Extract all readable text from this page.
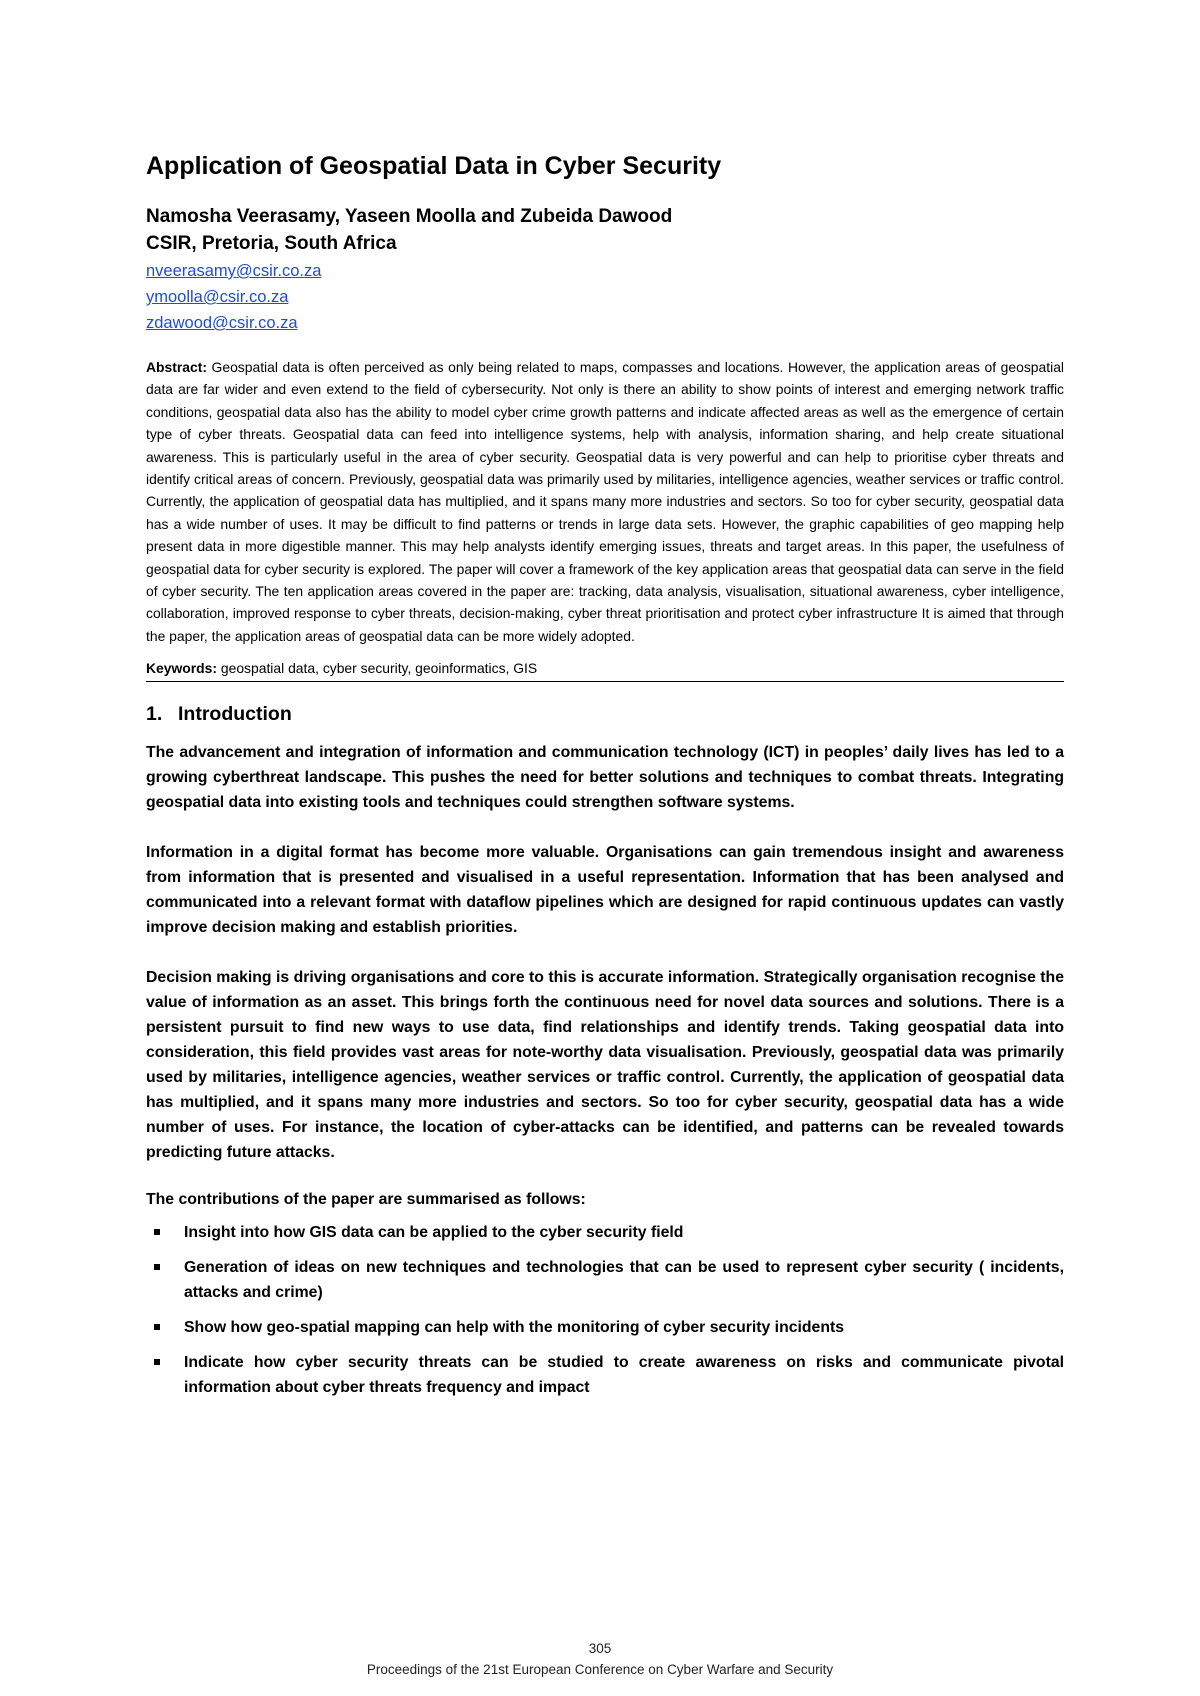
Application of Geospatial Data in Cyber Security
Namosha Veerasamy, Yaseen Moolla and Zubeida Dawood
CSIR, Pretoria, South Africa
nveerasamy@csir.co.za
ymoolla@csir.co.za
zdawood@csir.co.za
Abstract: Geospatial data is often perceived as only being related to maps, compasses and locations. However, the application areas of geospatial data are far wider and even extend to the field of cybersecurity. Not only is there an ability to show points of interest and emerging network traffic conditions, geospatial data also has the ability to model cyber crime growth patterns and indicate affected areas as well as the emergence of certain type of cyber threats. Geospatial data can feed into intelligence systems, help with analysis, information sharing, and help create situational awareness. This is particularly useful in the area of cyber security. Geospatial data is very powerful and can help to prioritise cyber threats and identify critical areas of concern. Previously, geospatial data was primarily used by militaries, intelligence agencies, weather services or traffic control. Currently, the application of geospatial data has multiplied, and it spans many more industries and sectors. So too for cyber security, geospatial data has a wide number of uses. It may be difficult to find patterns or trends in large data sets. However, the graphic capabilities of geo mapping help present data in more digestible manner. This may help analysts identify emerging issues, threats and target areas. In this paper, the usefulness of geospatial data for cyber security is explored. The paper will cover a framework of the key application areas that geospatial data can serve in the field of cyber security. The ten application areas covered in the paper are: tracking, data analysis, visualisation, situational awareness, cyber intelligence, collaboration, improved response to cyber threats, decision-making, cyber threat prioritisation and protect cyber infrastructure It is aimed that through the paper, the application areas of geospatial data can be more widely adopted.
Keywords: geospatial data, cyber security, geoinformatics, GIS
1. Introduction

The advancement and integration of information and communication technology (ICT) in peoples’ daily lives has led to a growing cyberthreat landscape. This pushes the need for better solutions and techniques to combat threats. Integrating geospatial data into existing tools and techniques could strengthen software systems.

Information in a digital format has become more valuable. Organisations can gain tremendous insight and awareness from information that is presented and visualised in a useful representation. Information that has been analysed and communicated into a relevant format with dataflow pipelines which are designed for rapid continuous updates can vastly improve decision making and establish priorities.

Decision making is driving organisations and core to this is accurate information. Strategically organisation recognise the value of information as an asset. This brings forth the continuous need for novel data sources and solutions. There is a persistent pursuit to find new ways to use data, find relationships and identify trends. Taking geospatial data into consideration, this field provides vast areas for note-worthy data visualisation. Previously, geospatial data was primarily used by militaries, intelligence agencies, weather services or traffic control. Currently, the application of geospatial data has multiplied, and it spans many more industries and sectors. So too for cyber security, geospatial data has a wide number of uses. For instance, the location of cyber-attacks can be identified, and patterns can be revealed towards predicting future attacks.

The contributions of the paper are summarised as follows:
Insight into how GIS data can be applied to the cyber security field
Generation of ideas on new techniques and technologies that can be used to represent cyber security ( incidents, attacks and crime)
Show how geo-spatial mapping can help with the monitoring of cyber security incidents
Indicate how cyber security threats can be studied to create awareness on risks and communicate pivotal information about cyber threats frequency and impact
305
Proceedings of the 21st European Conference on Cyber Warfare and Security
